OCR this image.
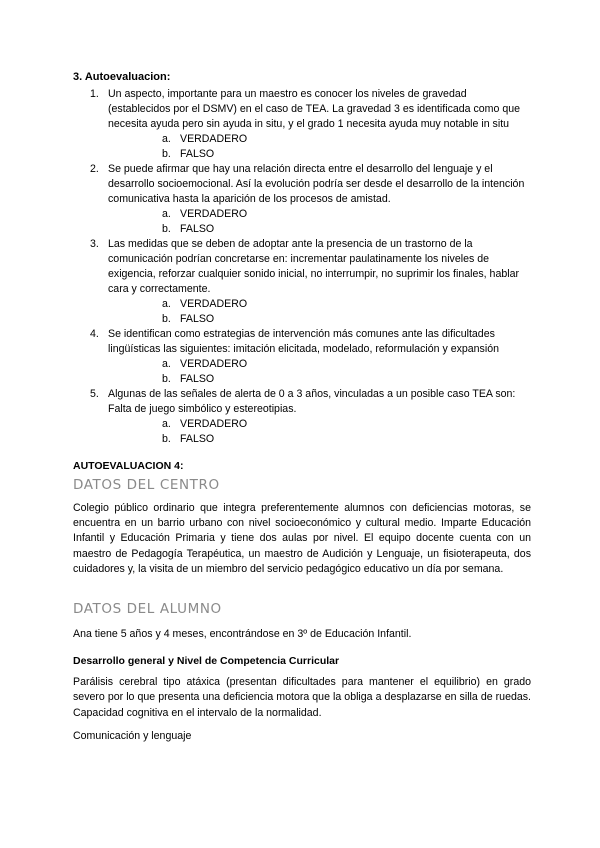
3. Autoevaluacion:
1. Un aspecto, importante para un maestro es conocer los niveles de gravedad (establecidos por el DSMV) en el caso de TEA. La gravedad 3 es identificada como que necesita ayuda pero sin ayuda in situ, y el grado 1 necesita ayuda muy notable in situ
a. VERDADERO
b. FALSO
2. Se puede afirmar que hay una relación directa entre el desarrollo del lenguaje y el desarrollo socioemocional. Así la evolución podría ser desde el desarrollo de la intención comunicativa hasta la aparición de los procesos de amistad.
a. VERDADERO
b. FALSO
3. Las medidas que se deben de adoptar ante la presencia de un trastorno de la comunicación podrían concretarse en: incrementar paulatinamente los niveles de exigencia, reforzar cualquier sonido inicial, no interrumpir, no suprimir los finales, hablar cara y correctamente.
a. VERDADERO
b. FALSO
4. Se identifican como estrategias de intervención más comunes ante las dificultades lingüísticas las siguientes: imitación elicitada, modelado, reformulación y expansión
a. VERDADERO
b. FALSO
5. Algunas de las señales de alerta de 0 a 3 años, vinculadas a un posible caso TEA son: Falta de juego simbólico y estereotipias.
a. VERDADERO
b. FALSO
AUTOEVALUACION 4:
DATOS DEL CENTRO

Colegio público ordinario que integra preferentemente alumnos con deficiencias motoras, se encuentra en un barrio urbano con nivel socioeconómico y cultural medio. Imparte Educación Infantil y Educación Primaria y tiene dos aulas por nivel. El equipo docente cuenta con un maestro de Pedagogía Terapéutica, un maestro de Audición y Lenguaje, un fisioterapeuta, dos cuidadores y, la visita de un miembro del servicio pedagógico educativo un día por semana.

DATOS DEL ALUMNO

Ana tiene 5 años y 4 meses, encontrándose en 3º de Educación Infantil.

Desarrollo general y Nivel de Competencia Curricular

Parálisis cerebral tipo atáxica (presentan dificultades para mantener el equilibrio) en grado severo por lo que presenta una deficiencia motora que la obliga a desplazarse en silla de ruedas. Capacidad cognitiva en el intervalo de la normalidad.

Comunicación y lenguaje
